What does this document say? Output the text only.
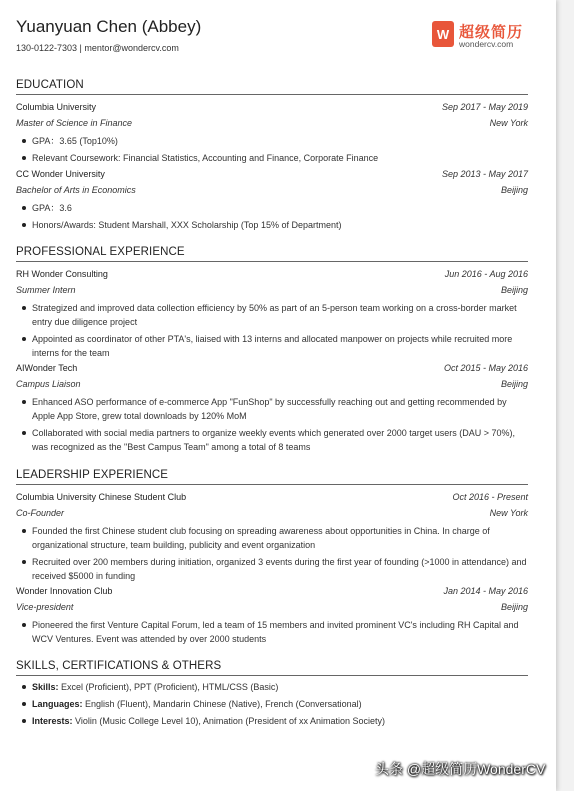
Yuanyuan Chen (Abbey)
130-0122-7303 | mentor@wondercv.com
W 超级简历
wondercv.com
EDUCATION
Columbia University	Sep 2017 - May 2019
Master of Science in Finance	New York
GPA：3.65 (Top10%)
Relevant Coursework: Financial Statistics, Accounting and Finance, Corporate Finance
CC Wonder University	Sep 2013 - May 2017
Bachelor of Arts in Economics	Beijing
GPA：3.6
Honors/Awards: Student Marshall, XXX Scholarship (Top 15% of Department)
PROFESSIONAL EXPERIENCE
RH Wonder Consulting	Jun 2016 - Aug 2016
Summer Intern	Beijing
Strategized and improved data collection efficiency by 50% as part of an 5-person team working on a cross-border market entry due diligence project
Appointed as coordinator of other PTA's, liaised with 13 interns and allocated manpower on projects while recruited more interns for the team
AIWonder Tech	Oct 2015 - May 2016
Campus Liaison	Beijing
Enhanced ASO performance of e-commerce App "FunShop" by successfully reaching out and getting recommended by Apple App Store, grew total downloads by 120% MoM
Collaborated with social media partners to organize weekly events which generated over 2000 target users (DAU > 70%), was recognized as the "Best Campus Team" among a total of 8 teams
LEADERSHIP EXPERIENCE
Columbia University Chinese Student Club	Oct 2016 - Present
Co-Founder	New York
Founded the first Chinese student club focusing on spreading awareness about opportunities in China. In charge of organizational structure, team building, publicity and event organization
Recruited over 200 members during initiation, organized 3 events during the first year of founding (>1000 in attendance) and received $5000 in funding
Wonder Innovation Club	Jan 2014 - May 2016
Vice-president	Beijing
Pioneered the first Venture Capital Forum, led a team of 15 members and invited prominent VC's including RH Capital and WCV Ventures. Event was attended by over 2000 students
SKILLS, CERTIFICATIONS & OTHERS
Skills: Excel (Proficient), PPT (Proficient), HTML/CSS (Basic)
Languages: English (Fluent), Mandarin Chinese (Native), French (Conversational)
Interests: Violin (Music College Level 10), Animation (President of xx Animation Society)
头条 @超级简历WonderCV
